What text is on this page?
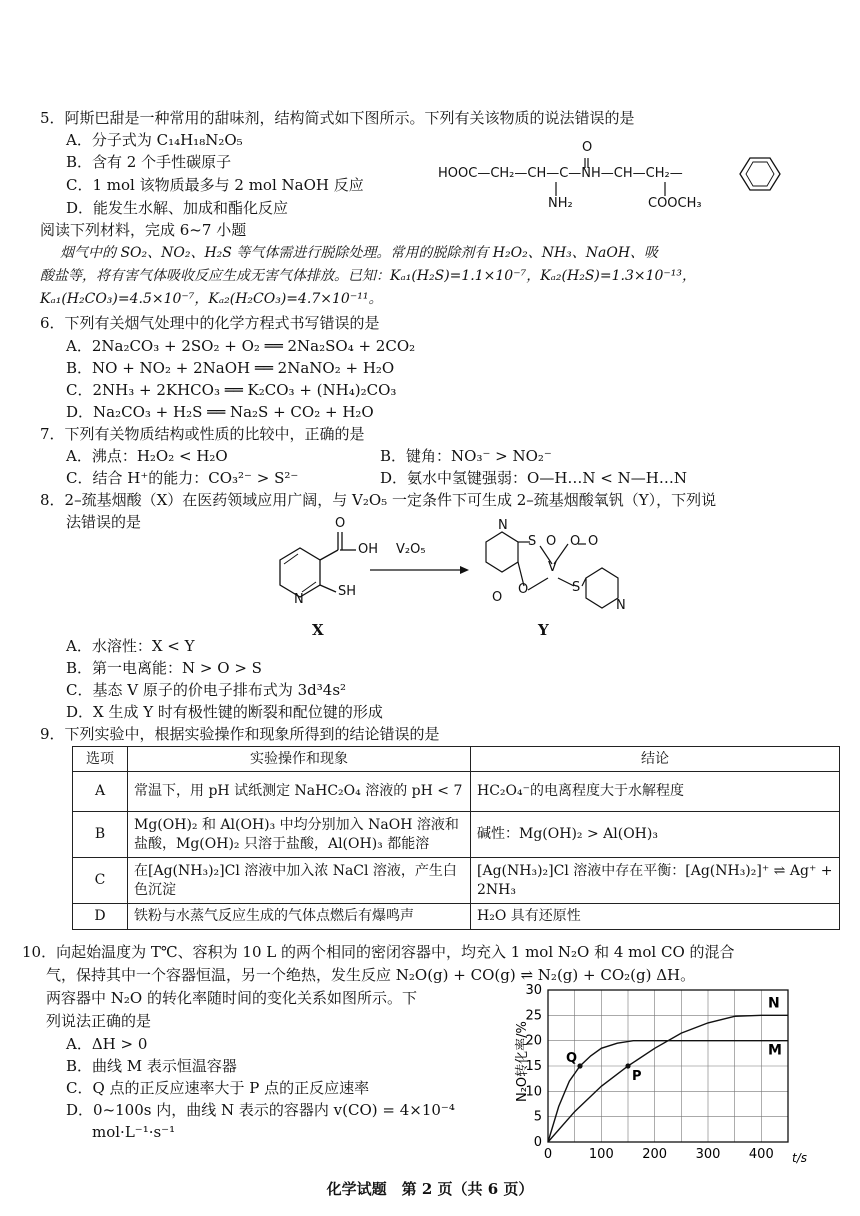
5．阿斯巴甜是一种常用的甜味剂，结构简式如下图所示。下列有关该物质的说法错误的是
A．分子式为 C₁₄H₁₈N₂O₅
B．含有 2 个手性碳原子
C．1 mol 该物质最多与 2 mol NaOH 反应
D．能发生水解、加成和酯化反应
HOOC—CH₂—CH—C—NH—CH—CH₂—
O
NH₂	COOCH₃
阅读下列材料，完成 6~7 小题
烟气中的 SO₂、NO₂、H₂S 等气体需进行脱除处理。常用的脱除剂有 H₂O₂、NH₃、NaOH、吸
酸盐等，将有害气体吸收反应生成无害气体排放。已知：Kₐ₁(H₂S)=1.1×10⁻⁷，Kₐ₂(H₂S)=1.3×10⁻¹³，
Kₐ₁(H₂CO₃)=4.5×10⁻⁷，Kₐ₂(H₂CO₃)=4.7×10⁻¹¹。
6．下列有关烟气处理中的化学方程式书写错误的是
A．2Na₂CO₃ + 2SO₂ + O₂ ══ 2Na₂SO₄ + 2CO₂
B．NO + NO₂ + 2NaOH ══ 2NaNO₂ + H₂O
C．2NH₃ + 2KHCO₃ ══ K₂CO₃ + (NH₄)₂CO₃
D．Na₂CO₃ + H₂S ══ Na₂S + CO₂ + H₂O
7．下列有关物质结构或性质的比较中，正确的是
A．沸点：H₂O₂ < H₂O	B．键角：NO₃⁻ > NO₂⁻
C．结合 H⁺的能力：CO₃²⁻ > S²⁻	D．氨水中氢键强弱：O—H…N < N—H…N
8．2–巯基烟酸（X）在医药领域应用广阔，与 V₂O₅ 一定条件下可生成 2–巯基烟酸氧钒（Y），下列说
法错误的是	O
OH
SH
N
V₂O₅
N
S O
V
O O
O
O
S
N
X	Y
A．水溶性：X < Y
B．第一电离能：N > O > S
C．基态 V 原子的价电子排布式为 3d³4s²
D．X 生成 Y 时有极性键的断裂和配位键的形成
9．下列实验中，根据实验操作和现象所得到的结论错误的是
选项	实验操作和现象	结论
A	常温下，用 pH 试纸测定 NaHC₂O₄ 溶液的 pH < 7	HC₂O₄⁻的电离程度大于水解程度
B	Mg(OH)₂ 和 Al(OH)₃ 中均分别加入 NaOH 溶液和盐酸，Mg(OH)₂ 只溶于盐酸，Al(OH)₃ 都能溶	碱性：Mg(OH)₂ > Al(OH)₃
C	在[Ag(NH₃)₂]Cl 溶液中加入浓 NaCl 溶液，产生白色沉淀	[Ag(NH₃)₂]Cl 溶液中存在平衡：[Ag(NH₃)₂]⁺ ⇌ Ag⁺ + 2NH₃
D	铁粉与水蒸气反应生成的气体点燃后有爆鸣声	H₂O 具有还原性
10．向起始温度为 T℃、容积为 10 L 的两个相同的密闭容器中，均充入 1 mol N₂O 和 4 mol CO 的混合
气，保持其中一个容器恒温，另一个绝热，发生反应 N₂O(g) + CO(g) ⇌ N₂(g) + CO₂(g) ΔH。
两容器中 N₂O 的转化率随时间的变化关系如图所示。下
列说法正确的是
A．ΔH > 0
B．曲线 M 表示恒温容器
C．Q 点的正反应速率大于 P 点的正反应速率
D．0~100s 内，曲线 N 表示的容器内 v(CO) = 4×10⁻⁴
mol·L⁻¹·s⁻¹
0	100 200 300 400
0
5
10
15
20
25
30
N
M
Q
P
N₂O转化率/%
t/s
化学试题　第 2 页（共 6 页）
